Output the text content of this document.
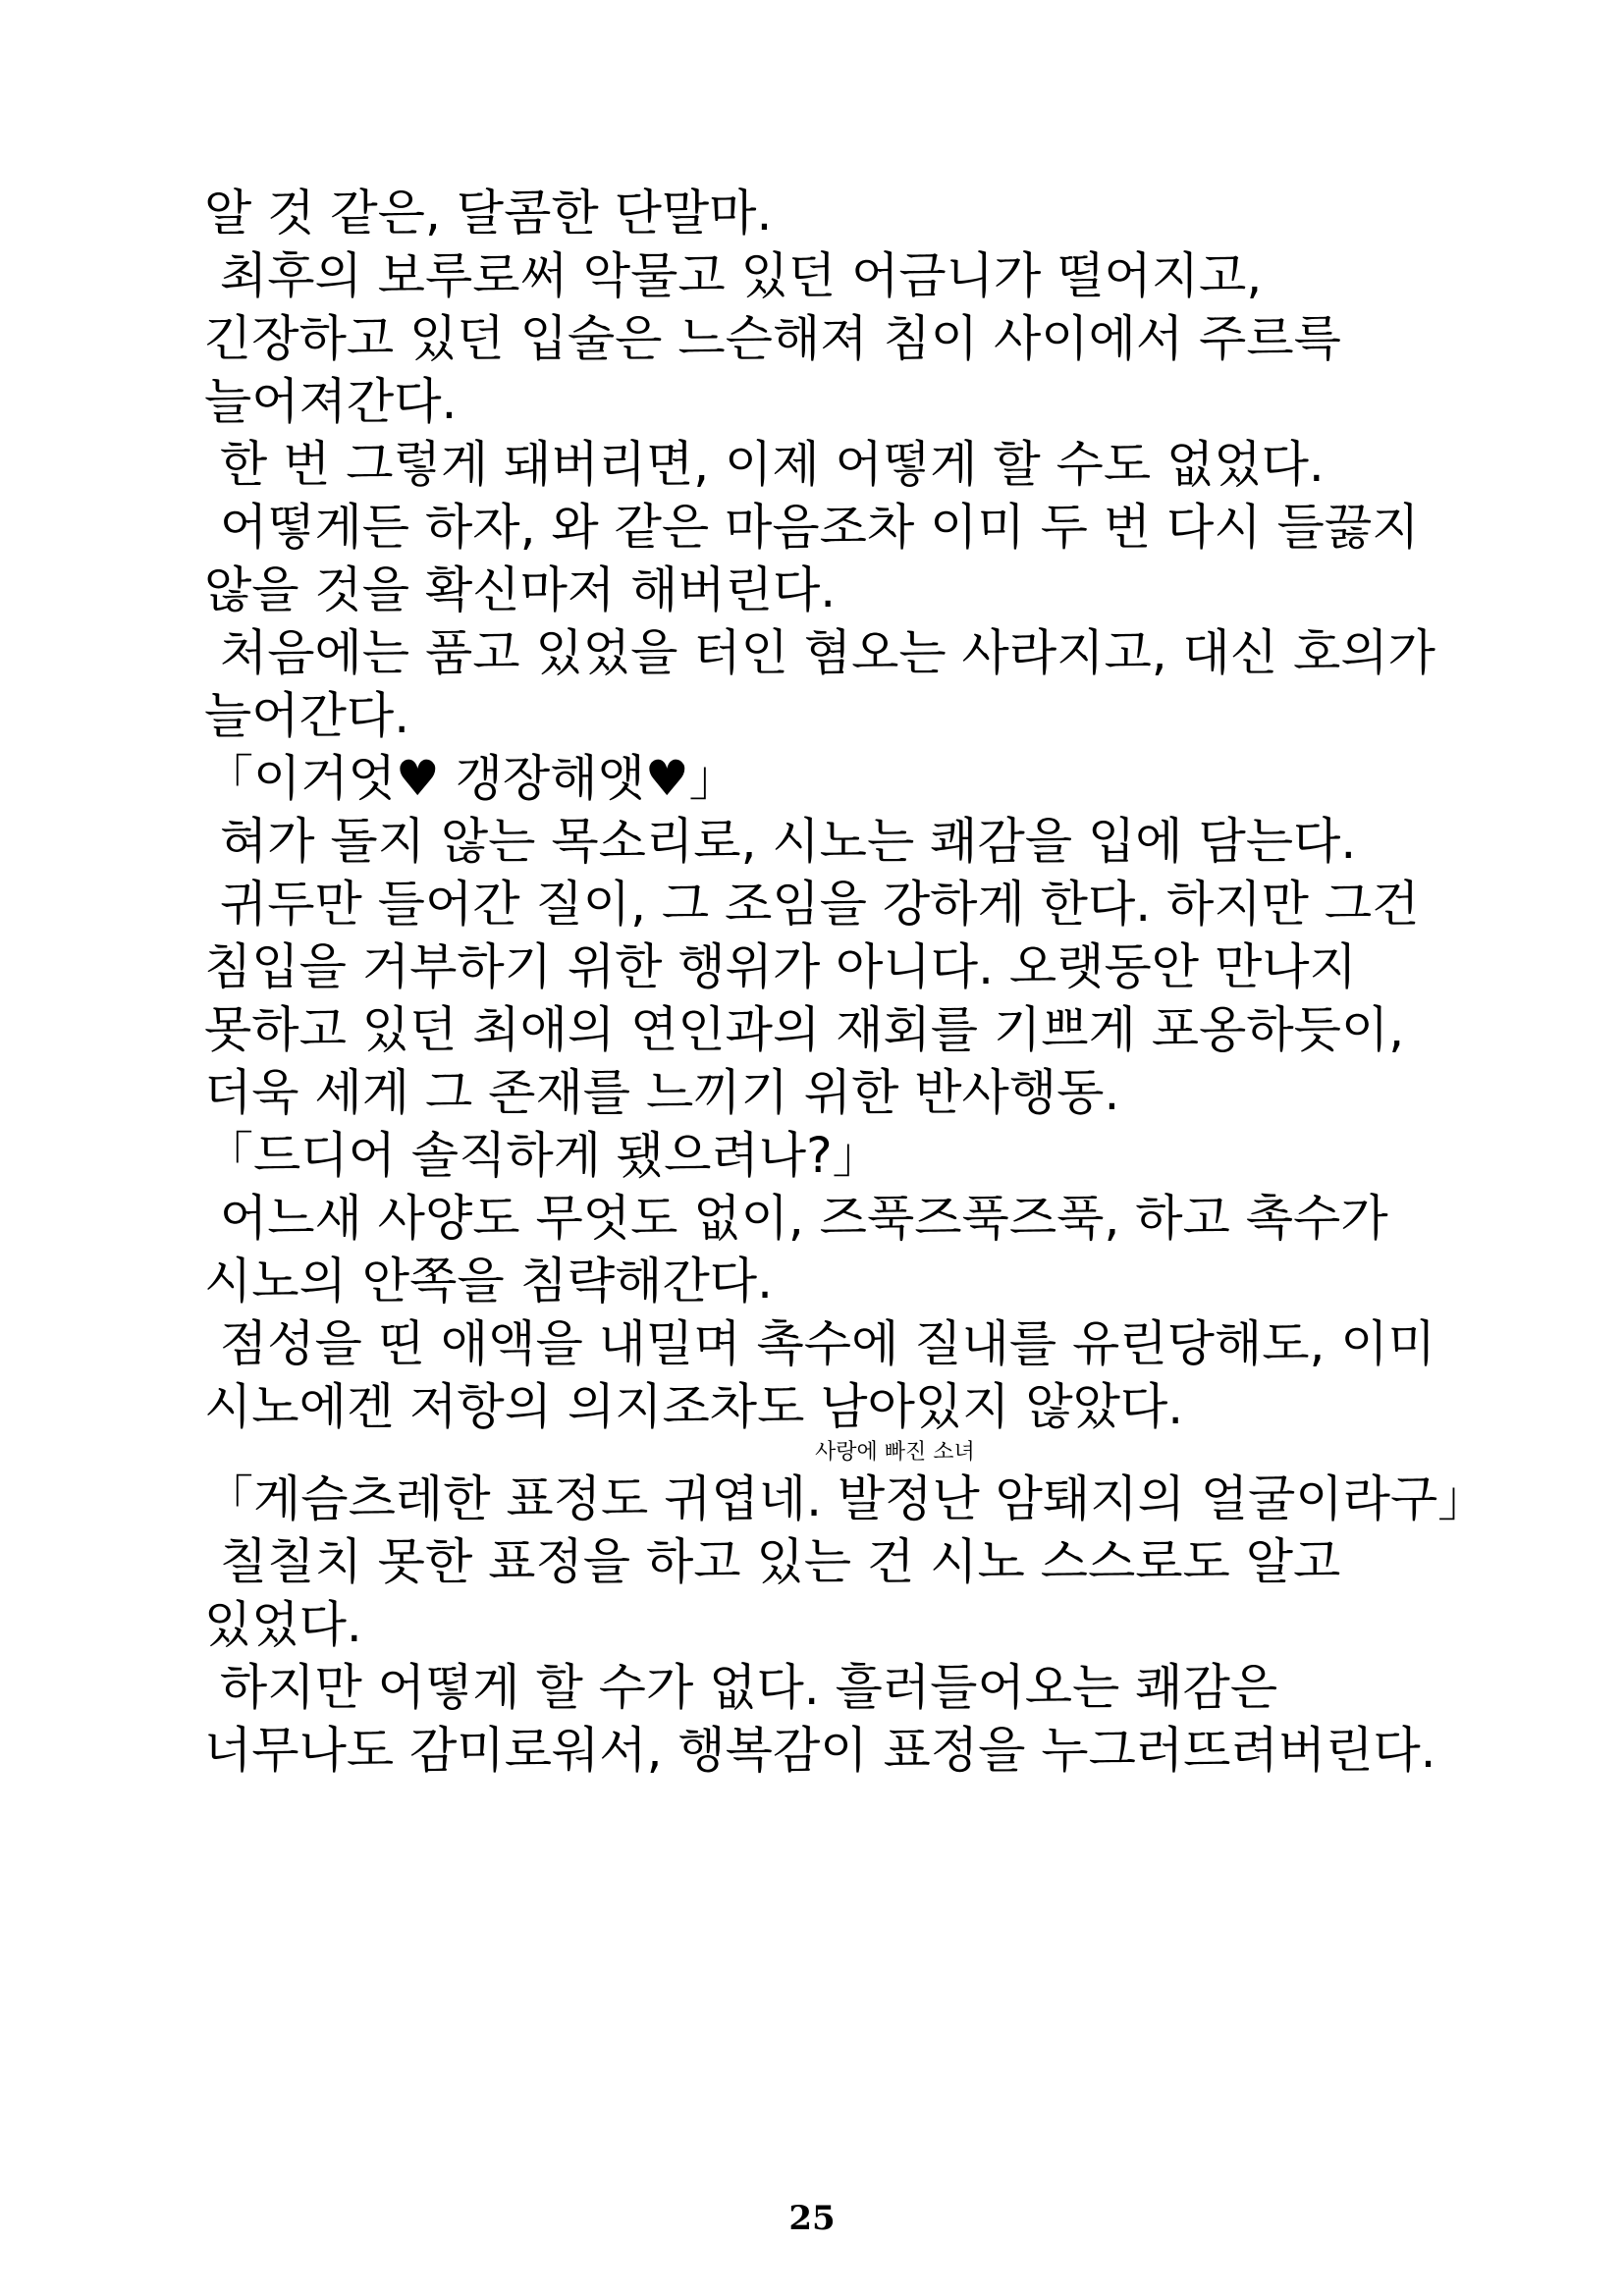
알 것 같은, 달콤한 단말마.
최후의 보루로써 악물고 있던 어금니가 떨어지고,
긴장하고 있던 입술은 느슨해져 침이 사이에서 주르륵
늘어져간다.
한 번 그렇게 돼버리면, 이제 어떻게 할 수도 없었다.
어떻게든 하자, 와 같은 마음조차 이미 두 번 다시 들끓지
않을 것을 확신마저 해버린다.
처음에는 품고 있었을 터인 혐오는 사라지고, 대신 호의가
늘어간다.
「이거엇♥ 갱장해앳♥」
혀가 돌지 않는 목소리로, 시노는 쾌감을 입에 담는다.
귀두만 들어간 질이, 그 조임을 강하게 한다. 하지만 그건
침입을 거부하기 위한 행위가 아니다. 오랫동안 만나지
못하고 있던 최애의 연인과의 재회를 기쁘게 포옹하듯이,
더욱 세게 그 존재를 느끼기 위한 반사행동.
「드디어 솔직하게 됐으려나?」
어느새 사양도 무엇도 없이, 즈푹즈푹즈푹, 하고 촉수가
시노의 안쪽을 침략해간다.
점성을 띤 애액을 내밀며 촉수에 질내를 유린당해도, 이미
시노에겐 저항의 의지조차도 남아있지 않았다.
사랑에 빠진 소녀
「게슴츠레한 표정도 귀엽네. 발정난 암퇘지의 얼굴이라구」
칠칠치 못한 표정을 하고 있는 건 시노 스스로도 알고
있었다.
하지만 어떻게 할 수가 없다. 흘러들어오는 쾌감은
너무나도 감미로워서, 행복감이 표정을 누그러뜨려버린다.
25
